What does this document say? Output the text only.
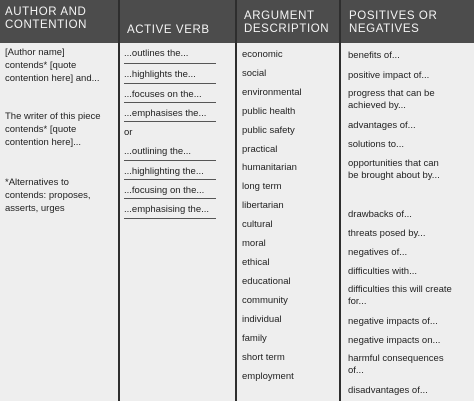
AUTHOR AND
CONTENTION	ACTIVE VERB
ARGUMENT
DESCRIPTION
POSITIVES OR
NEGATIVES
[Author name]
contends* [quote
contention here] and...
The writer of this piece
contends* [quote
contention here]...
*Alternatives to
contends: proposes,
asserts, urges
...outlines the...
...highlights the...
...focuses on the...
...emphasises the...
or
...outlining the...
...highlighting the...
...focusing on the...
...emphasising the...
economic
social
environmental
public health
public safety
practical
humanitarian
long term
libertarian
cultural
moral
ethical
educational
community
individual
family
short term
employment
benefits of...
positive impact of...
progress that can be
achieved by...
advantages of...
solutions to...
opportunities that can
be brought about by...
drawbacks of...
threats posed by...
negatives of...
difficulties with...
difficulties this will create
for...
negative impacts of...
negative impacts on...
harmful consequences
of...
disadvantages of...
